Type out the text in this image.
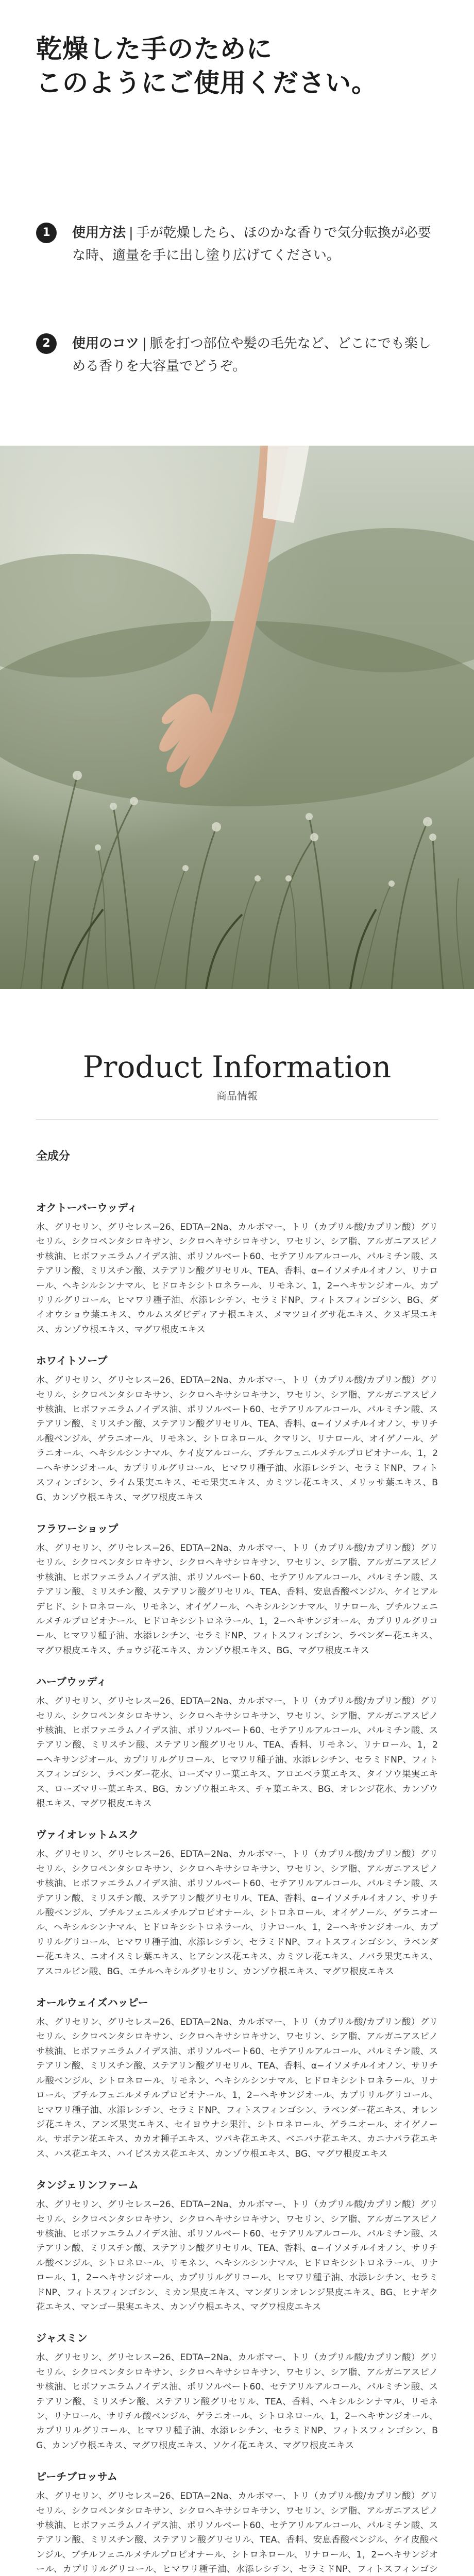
乾燥した手のために
このようにご使用ください。
1	使用方法 | 手が乾燥したら、ほのかな香りで気分転換が必要な時、適量を手に出し塗り広げてください。
2	使用のコツ | 脈を打つ部位や髪の毛先など、どこにでも楽しめる香りを大容量でどうぞ。
Product Information
商品情報
全成分
オクトーバーウッディ
水、グリセリン、グリセレス−26、EDTA−2Na、カルボマー、トリ（カプリル酸/カプリン酸）グリセリル、シクロペンタシロキサン、シクロヘキサシロキサン、ワセリン、シア脂、アルガニアスピノサ核油、ヒボファエラムノイデス油、ポリソルベート60、セテアリルアルコール、パルミチン酸、ステアリン酸、ミリスチン酸、ステアリン酸グリセリル、TEA、香料、α−イソメチルイオノン、リナロール、ヘキシルシンナマル、ヒドロキシシトロネラール、リモネン、1，2−ヘキサンジオール、カプリリルグリコール、ヒマワリ種子油、水添レシチン、セラミドNP、フィトスフィンゴシン、BG、ダイオウショウ葉エキス、ウルムスダビディアナ根エキス、メマツヨイグサ花エキス、クヌギ果エキス、カンゾウ根エキス、マグワ根皮エキス
ホワイトソープ
水、グリセリン、グリセレス−26、EDTA−2Na、カルボマー、トリ（カプリル酸/カプリン酸）グリセリル、シクロペンタシロキサン、シクロヘキサシロキサン、ワセリン、シア脂、アルガニアスピノサ核油、ヒボファエラムノイデス油、ポリソルベート60、セテアリルアルコール、パルミチン酸、ステアリン酸、ミリスチン酸、ステアリン酸グリセリル、TEA、香料、α−イソメチルイオノン、サリチル酸ベンジル、ゲラニオール、リモネン、シトロネロール、クマリン、リナロール、オイゲノール、ゲラニオール、ヘキシルシンナマル、ケイ皮アルコール、ブチルフェニルメチルプロピオナール、1，2−ヘキサンジオール、カプリリルグリコール、ヒマワリ種子油、水添レシチン、セラミドNP、フィトスフィンゴシン、ライム果実エキス、モモ果実エキス、カミツレ花エキス、メリッサ葉エキス、BG、カンゾウ根エキス、マグワ根皮エキス
フラワーショップ
水、グリセリン、グリセレス−26、EDTA−2Na、カルボマー、トリ（カプリル酸/カプリン酸）グリセリル、シクロペンタシロキサン、シクロヘキサシロキサン、ワセリン、シア脂、アルガニアスピノサ核油、ヒボファエラムノイデス油、ポリソルベート60、セテアリルアルコール、パルミチン酸、ステアリン酸、ミリスチン酸、ステアリン酸グリセリル、TEA、香料、安息香酸ベンジル、ケイヒアルデヒド、シトロネロール、リモネン、オイゲノール、ヘキシルシンナマル、リナロール、ブチルフェニルメチルプロピオナール、ヒドロキシシトロネラール、1，2−ヘキサンジオール、カプリリルグリコール、ヒマワリ種子油、水添レシチン、セラミドNP、フィトスフィンゴシン、ラベンダー花エキス、マグワ根皮エキス、チョウジ花エキス、カンゾウ根エキス、BG、マグワ根皮エキス
ハーブウッディ
水、グリセリン、グリセレス−26、EDTA−2Na、カルボマー、トリ（カプリル酸/カプリン酸）グリセリル、シクロペンタシロキサン、シクロヘキサシロキサン、ワセリン、シア脂、アルガニアスピノサ核油、ヒボファエラムノイデス油、ポリソルベート60、セテアリルアルコール、パルミチン酸、ステアリン酸、ミリスチン酸、ステアリン酸グリセリル、TEA、香料、リモネン、リナロール、1，2−ヘキサンジオール、カプリリルグリコール、ヒマワリ種子油、水添レシチン、セラミドNP、フィトスフィンゴシン、ラベンダー花水、ローズマリー葉エキス、アロエベラ葉エキス、タイソウ果実エキス、ローズマリー葉エキス、BG、カンゾウ根エキス、チャ葉エキス、BG、オレンジ花水、カンゾウ根エキス、マグワ根皮エキス
ヴァイオレットムスク
水、グリセリン、グリセレス−26、EDTA−2Na、カルボマー、トリ（カプリル酸/カプリン酸）グリセリル、シクロペンタシロキサン、シクロヘキサシロキサン、ワセリン、シア脂、アルガニアスピノサ核油、ヒボファエラムノイデス油、ポリソルベート60、セテアリルアルコール、パルミチン酸、ステアリン酸、ミリスチン酸、ステアリン酸グリセリル、TEA、香料、α−イソメチルイオノン、サリチル酸ベンジル、ブチルフェニルメチルプロピオナール、シトロネロール、オイゲノール、ゲラニオール、ヘキシルシンナマル、ヒドロキシシトロネラール、リナロール、1，2−ヘキサンジオール、カプリリルグリコール、ヒマワリ種子油、水添レシチン、セラミドNP、フィトスフィンゴシン、ラベンダー花エキス、ニオイスミレ葉エキス、ヒアシンス花エキス、カミツレ花エキス、ノバラ果実エキス、アスコルビン酸、BG、エチルヘキシルグリセリン、カンゾウ根エキス、マグワ根皮エキス
オールウェイズハッピー
水、グリセリン、グリセレス−26、EDTA−2Na、カルボマー、トリ（カプリル酸/カプリン酸）グリセリル、シクロペンタシロキサン、シクロヘキサシロキサン、ワセリン、シア脂、アルガニアスピノサ核油、ヒボファエラムノイデス油、ポリソルベート60、セテアリルアルコール、パルミチン酸、ステアリン酸、ミリスチン酸、ステアリン酸グリセリル、TEA、香料、α−イソメチルイオノン、サリチル酸ベンジル、シトロネロール、リモネン、ヘキシルシンナマル、ヒドロキシシトロネラール、リナロール、ブチルフェニルメチルプロピオナール、1，2−ヘキサンジオール、カプリリルグリコール、ヒマワリ種子油、水添レシチン、セラミドNP、フィトスフィンゴシン、ラベンダー花エキス、オレンジ花エキス、アンズ果実エキス、セイヨウナシ果汁、シトロネロール、ゲラニオール、オイゲノール、サボテン花エキス、カカオ種子エキス、ツバキ花エキス、ベニバナ花エキス、カニナバラ花エキス、ハス花エキス、ハイビスカス花エキス、カンゾウ根エキス、BG、マグワ根皮エキス
タンジェリンファーム
水、グリセリン、グリセレス−26、EDTA−2Na、カルボマー、トリ（カプリル酸/カプリン酸）グリセリル、シクロペンタシロキサン、シクロヘキサシロキサン、ワセリン、シア脂、アルガニアスピノサ核油、ヒボファエラムノイデス油、ポリソルベート60、セテアリルアルコール、パルミチン酸、ステアリン酸、ミリスチン酸、ステアリン酸グリセリル、TEA、香料、α−イソメチルイオノン、サリチル酸ベンジル、シトロネロール、リモネン、ヘキシルシンナマル、ヒドロキシシトロネラール、リナロール、1，2−ヘキサンジオール、カプリリルグリコール、ヒマワリ種子油、水添レシチン、セラミドNP、フィトスフィンゴシン、ミカン果皮エキス、マンダリンオレンジ果皮エキス、BG、ヒナギク花エキス、マンゴー果実エキス、カンゾウ根エキス、マグワ根皮エキス
ジャスミン
水、グリセリン、グリセレス−26、EDTA−2Na、カルボマー、トリ（カプリル酸/カプリン酸）グリセリル、シクロペンタシロキサン、シクロヘキサシロキサン、ワセリン、シア脂、アルガニアスピノサ核油、ヒボファエラムノイデス油、ポリソルベート60、セテアリルアルコール、パルミチン酸、ステアリン酸、ミリスチン酸、ステアリン酸グリセリル、TEA、香料、ヘキシルシンナマル、リモネン、リナロール、サリチル酸ベンジル、ゲラニオール、シトロネロール、1，2−ヘキサンジオール、カプリリルグリコール、ヒマワリ種子油、水添レシチン、セラミドNP、フィトスフィンゴシン、BG、カンゾウ根エキス、マグワ根皮エキス、ソケイ花エキス、マグワ根皮エキス
ピーチブロッサム
水、グリセリン、グリセレス−26、EDTA−2Na、カルボマー、トリ（カプリル酸/カプリン酸）グリセリル、シクロペンタシロキサン、シクロヘキサシロキサン、ワセリン、シア脂、アルガニアスピノサ核油、ヒボファエラムノイデス油、ポリソルベート60、セテアリルアルコール、パルミチン酸、ステアリン酸、ミリスチン酸、ステアリン酸グリセリル、TEA、香料、安息香酸ベンジル、ケイ皮酸ベンジル、ブチルフェニルメチルプロピオナール、シトロネロール、リナロール、1，2−ヘキサンジオール、カプリリルグリコール、ヒマワリ種子油、水添レシチン、セラミドNP、フィトスフィンゴシ
